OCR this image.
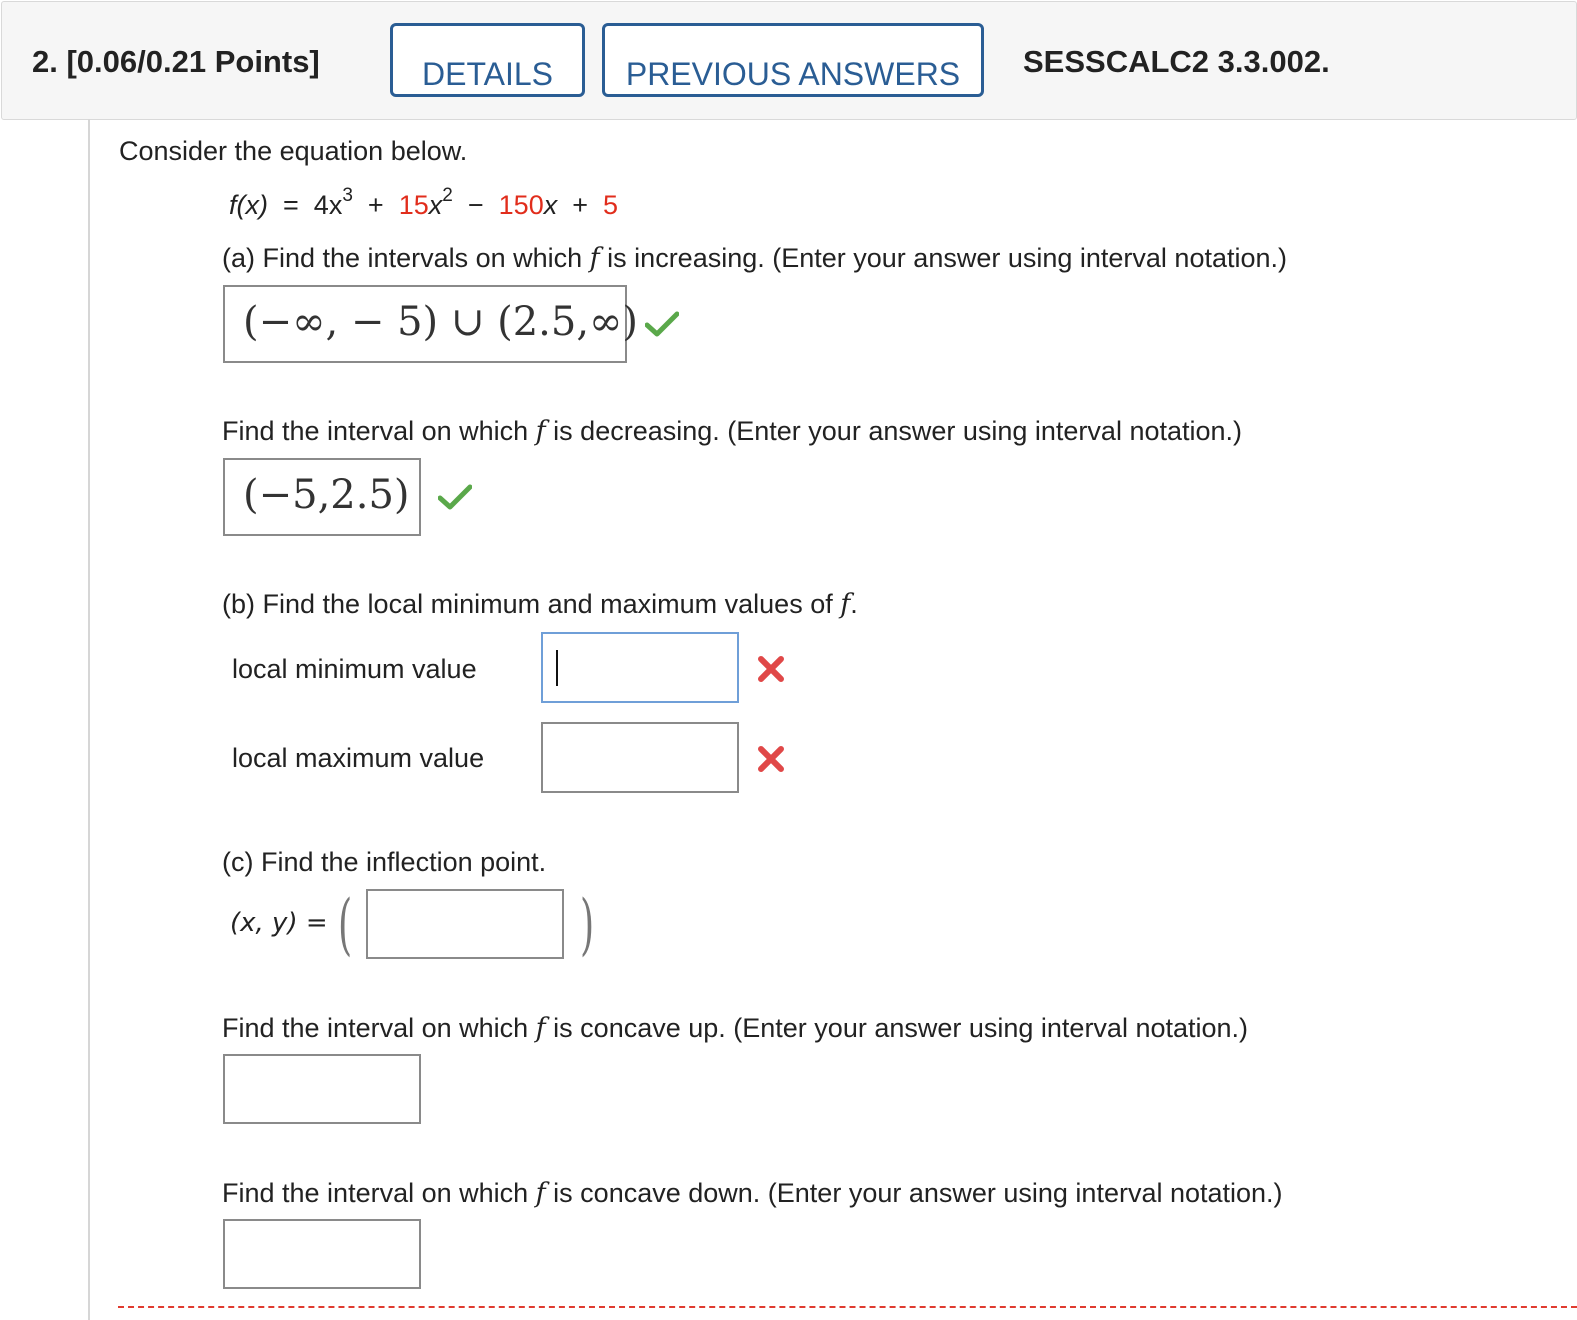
2. [0.06/0.21 Points]	DETAILS	PREVIOUS ANSWERS	SESSCALC2 3.3.002.
Consider the equation below.
$f(x) = 4x^3 + 15x^2 - 150x + 5$
(a) Find the intervals on which f is increasing. (Enter your answer using interval notation.)
(−∞, − 5) ∪ (2.5,∞)
Find the interval on which f is decreasing. (Enter your answer using interval notation.)
(−5,2.5)
(b) Find the local minimum and maximum values of f.
local minimum value
local maximum value
(c) Find the inflection point.
(x, y) = (	)
Find the interval on which f is concave up. (Enter your answer using interval notation.)
Find the interval on which f is concave down. (Enter your answer using interval notation.)
